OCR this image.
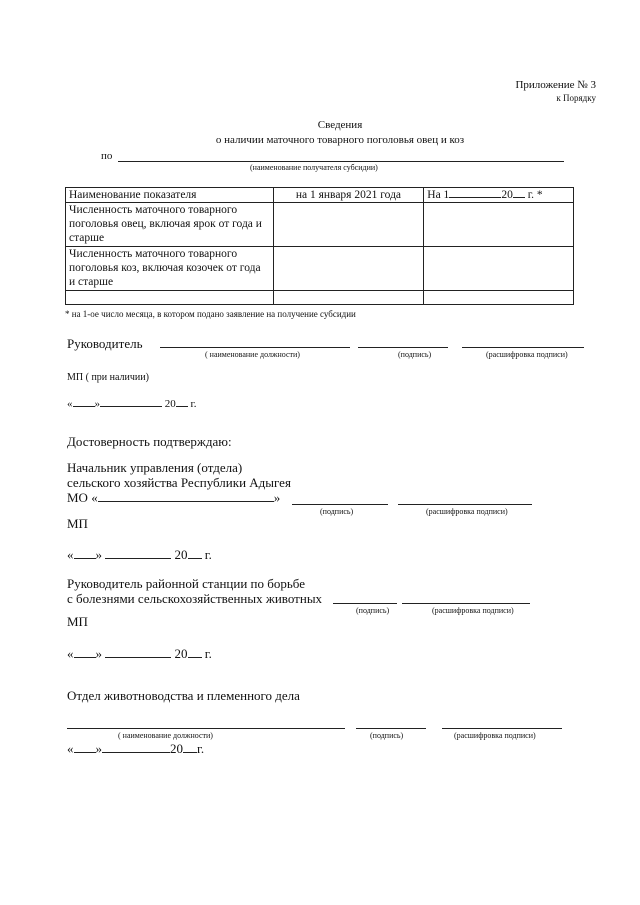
Приложение № 3
к Порядку
Сведения
о наличии маточного товарного поголовья овец и коз
по
(наименование получателя субсидии)
Наименование показателя	на 1 января 2021 года	На 1 20 г. *
Численность маточного товарного поголовья овец, включая ярок от года и старше		
Численность маточного товарного поголовья коз, включая козочек от года и старше		

* на 1-ое число месяца, в котором подано заявление на получение субсидии
Руководитель
( наименование должности)	(подпись)	(расшифровка подписи)
МП ( при наличии)
« »	20 г.
Достоверность подтверждаю:
Начальник управления (отдела)
сельского хозяйства Республики Адыгея
МО «	»
(подпись)	(расшифровка подписи)
МП
« »	20 г.
Руководитель районной станции по борьбе
с болезнями сельскохозяйственных животных
(подпись)	(расшифровка подписи)
МП
« »	20 г.
Отдел животноводства и племенного дела
( наименование должности)	(подпись)	(расшифровка подписи)
« »	20 г.
